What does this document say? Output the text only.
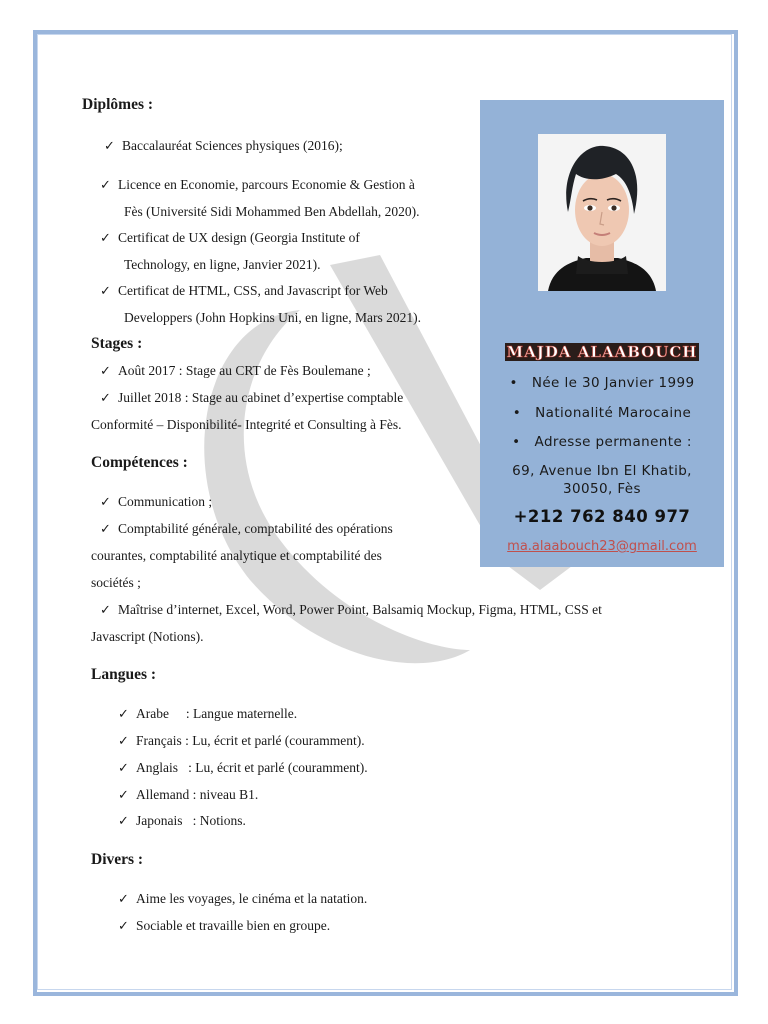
Diplômes :
✓ Baccalauréat Sciences physiques (2016);
✓ Licence en Economie, parcours Economie & Gestion à
Fès (Université Sidi Mohammed Ben Abdellah, 2020).
✓ Certificat de UX design (Georgia Institute of
Technology, en ligne, Janvier 2021).
✓ Certificat de HTML, CSS, and Javascript for Web
Developpers (John Hopkins Uni, en ligne, Mars 2021).
Stages :
✓ Août 2017 : Stage au CRT de Fès Boulemane ;
✓ Juillet 2018 : Stage au cabinet d’expertise comptable
Conformité – Disponibilité- Integrité et Consulting à Fès.
Compétences :
✓ Communication ;
✓ Comptabilité générale, comptabilité des opérations
courantes, comptabilité analytique et comptabilité des
sociétés ;
✓ Maîtrise d’internet, Excel, Word, Power Point, Balsamiq Mockup, Figma, HTML, CSS et
Javascript (Notions).
Langues :
✓ Arabe     : Langue maternelle.
✓ Français : Lu, écrit et parlé (couramment).
✓ Anglais   : Lu, écrit et parlé (couramment).
✓ Allemand : niveau B1.
✓ Japonais   : Notions.
Divers :
✓ Aime les voyages, le cinéma et la natation.
✓ Sociable et travaille bien en groupe.
MAJDA ALAABOUCH
• Née le 30 Janvier 1999
• Nationalité Marocaine
• Adresse permanente :
69, Avenue Ibn El Khatib,
30050, Fès
+212 762 840 977
ma.alaabouch23@gmail.com
